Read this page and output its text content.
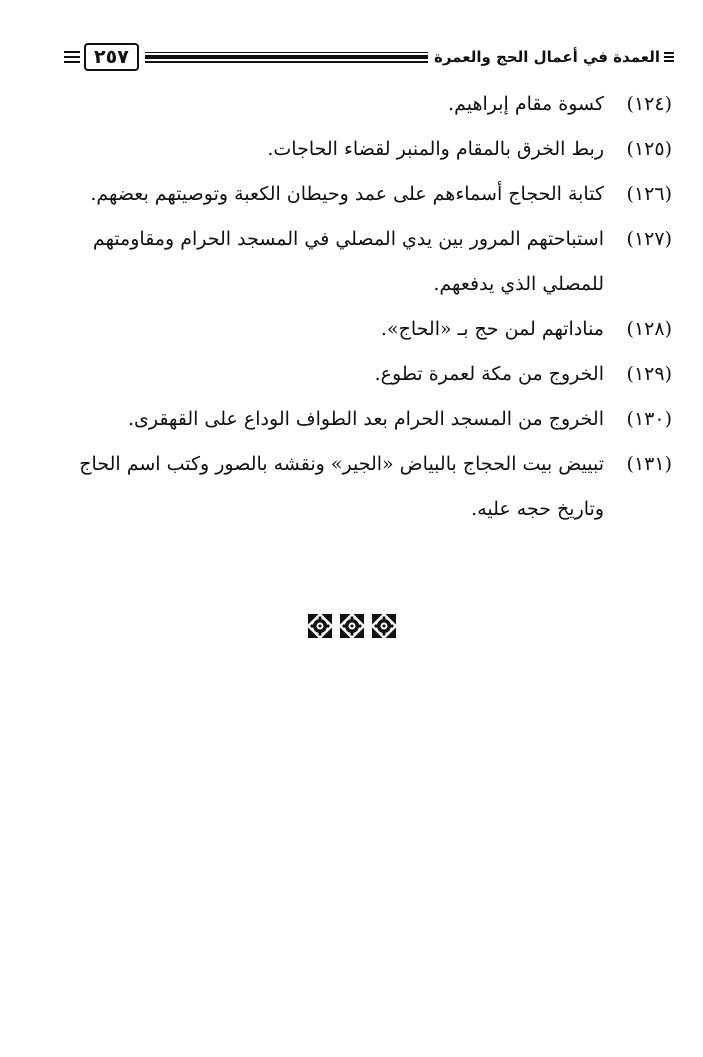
٢٥٧	العمدة في أعمال الحج والعمرة
(١٢٤)
كسوة مقام إبراهيم.
(١٢٥)
ربط الخرق بالمقام والمنبر لقضاء الحاجات.
(١٢٦)
كتابة الحجاج أسماءهم على عمد وحيطان الكعبة وتوصيتهم بعضهم.
(١٢٧)
استباحتهم المرور بين يدي المصلي في المسجد الحرام ومقاومتهم للمصلي الذي يدفعهم.
(١٢٨)
مناداتهم لمن حج بـ «الحاج».
(١٢٩)
الخروج من مكة لعمرة تطوع.
(١٣٠)
الخروج من المسجد الحرام بعد الطواف الوداع على القهقرى.
(١٣١)
تبييض بيت الحجاج بالبياض «الجير» ونقشه بالصور وكتب اسم الحاج وتاريخ حجه عليه.
